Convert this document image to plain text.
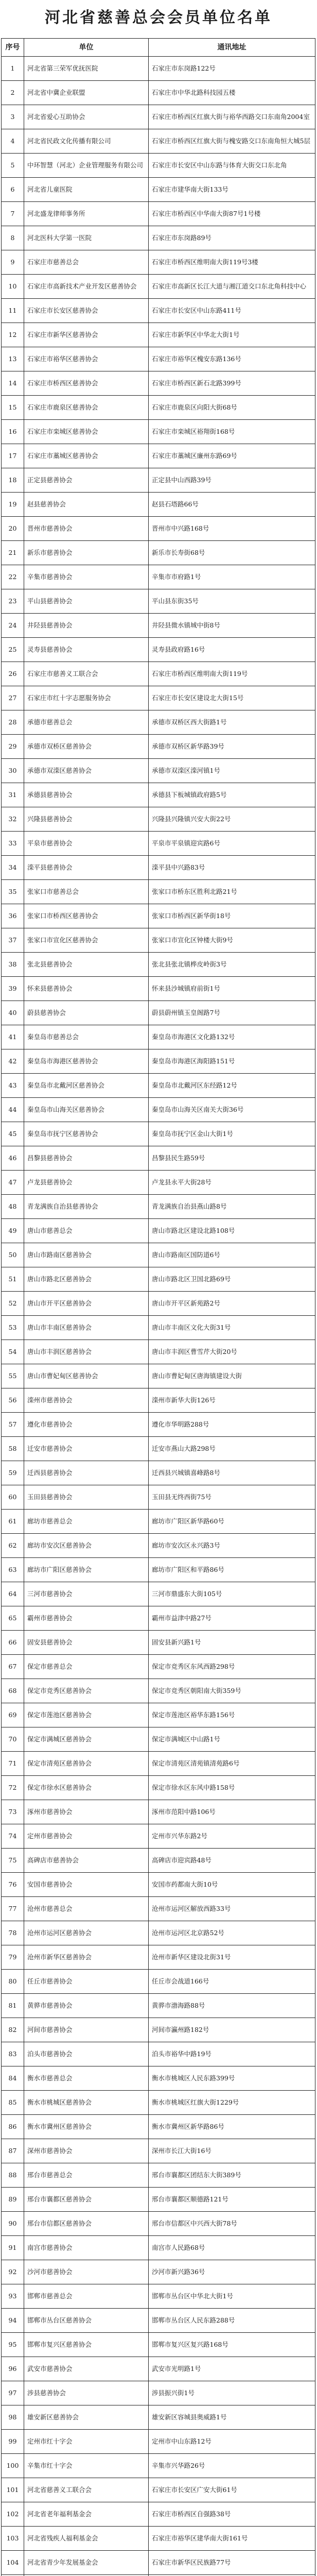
河北省慈善总会会员单位名单
序号	单位	通讯地址
1	河北省第三荣军优抚医院	石家庄市东岗路122号
2	河北省中冀企业联盟	石家庄市中华北路科技园五楼
3	河北省爱心互助协会	石家庄市桥西区红旗大街与裕华西路交口东南角2004室
4	河北省民政文化传播有限公司	石家庄市桥西区红旗大街与槐安路交口东南角恒大城5层
5	中环智慧（河北）企业管理服务有限公司	石家庄市长安区中山东路与体育大街交口东北角
6	河北省儿童医院	石家庄市建华南大街133号
7	河北盛龙律师事务所	石家庄市桥西区中华南大街87号1号楼
8	河北医科大学第一医院	石家庄市东岗路89号
9	石家庄市慈善总会	石家庄市桥西区维明南大街119号3楼
10	石家庄市高新技术产业开发区慈善协会	石家庄市高新区长江大道与湘江道交口东北角科技中心
11	石家庄市长安区慈善协会	石家庄市长安区中山东路411号
12	石家庄市新华区慈善协会	石家庄市新华区中华北大街1号
13	石家庄市裕华区慈善协会	石家庄市裕华区槐安东路136号
14	石家庄市桥西区慈善协会	石家庄市桥西区新石北路399号
15	石家庄市鹿泉区慈善协会	石家庄市鹿泉区向阳大街68号
16	石家庄市栾城区慈善协会	石家庄市栾城区裕翔街168号
17	石家庄市藁城区慈善协会	石家庄市藁城区廉州东路69号
18	正定县慈善协会	正定县中山西路39号
19	赵县慈善协会	赵县石塔路66号
20	晋州市慈善协会	晋州市中兴路168号
21	新乐市慈善协会	新乐市长寿街68号
22	辛集市慈善协会	辛集市市府路1号
23	平山县慈善协会	平山县东街35号
24	井陉县慈善协会	井陉县微水镇城中街8号
25	灵寿县慈善协会	灵寿县政府路16号
26	石家庄市慈善义工联合会	石家庄市桥西区维明南大街119号
27	石家庄市红十字志愿服务协会	石家庄市长安区建设北大街15号
28	承德市慈善总会	承德市双桥区西大街路1号
29	承德市双桥区慈善协会	承德市双桥区新华路39号
30	承德市双滦区慈善协会	承德市双滦区滦河镇1号
31	承德县慈善协会	承德县下板城镇政府路5号
32	兴隆县慈善协会	兴隆县兴隆镇兴安大街22号
33	平泉市慈善协会	平泉市平泉镇迎宾路6号
34	滦平县慈善协会	滦平县中兴路83号
35	张家口市慈善总会	张家口市桥东区胜利北路21号
36	张家口市桥西区慈善协会	张家口市桥西区新华街18号
37	张家口市宣化区慈善协会	张家口市宣化区钟楼大街9号
38	张北县慈善协会	张北县张北镇桦皮岭街3号
39	怀来县慈善协会	怀来县沙城镇府前街1号
40	蔚县慈善协会	蔚县蔚州镇玉皇阁路7号
41	秦皇岛市慈善总会	秦皇岛市海港区文化路132号
42	秦皇岛市海港区慈善协会	秦皇岛市海港区海阳路151号
43	秦皇岛市北戴河区慈善协会	秦皇岛市北戴河区东经路12号
44	秦皇岛市山海关区慈善协会	秦皇岛市山海关区南关大街36号
45	秦皇岛市抚宁区慈善协会	秦皇岛市抚宁区金山大街1号
46	昌黎县慈善协会	昌黎县民生路59号
47	卢龙县慈善协会	卢龙县永平大街28号
48	青龙满族自治县慈善协会	青龙满族自治县燕山路8号
49	唐山市慈善总会	唐山市路北区建设北路108号
50	唐山市路南区慈善协会	唐山市路南区国防道6号
51	唐山市路北区慈善协会	唐山市路北区卫国北路69号
52	唐山市开平区慈善协会	唐山市开平区新苑路2号
53	唐山市丰南区慈善协会	唐山市丰南区文化大街31号
54	唐山市丰润区慈善协会	唐山市丰润区曹雪芹大街20号
55	唐山市曹妃甸区慈善协会	唐山市曹妃甸区唐海镇建设大街
56	滦州市慈善协会	滦州市新华大街126号
57	遵化市慈善协会	遵化市华明路288号
58	迁安市慈善协会	迁安市燕山大路298号
59	迁西县慈善协会	迁西县兴城镇喜峰路8号
60	玉田县慈善协会	玉田县无终西街75号
61	廊坊市慈善总会	廊坊市广阳区新华路60号
62	廊坊市安次区慈善协会	廊坊市安次区永兴路3号
63	廊坊市广阳区慈善协会	廊坊市广阳区和平路86号
64	三河市慈善协会	三河市鼎盛东大街105号
65	霸州市慈善协会	霸州市益津中路27号
66	固安县慈善协会	固安县新兴路1号
67	保定市慈善总会	保定市竞秀区东风西路298号
68	保定市竞秀区慈善协会	保定市竞秀区朝阳南大街359号
69	保定市莲池区慈善协会	保定市莲池区裕华东路156号
70	保定市满城区慈善协会	保定市满城区中山路1号
71	保定市清苑区慈善协会	保定市清苑区清苑镇清苑路6号
72	保定市徐水区慈善协会	保定市徐水区东风中路158号
73	涿州市慈善协会	涿州市范阳中路106号
74	定州市慈善协会	定州市兴华东路2号
75	高碑店市慈善协会	高碑店市迎宾路48号
76	安国市慈善协会	安国市药都南大街10号
77	沧州市慈善总会	沧州市运河区解放西路33号
78	沧州市运河区慈善协会	沧州市运河区北京路52号
79	沧州市新华区慈善协会	沧州市新华区建设北街31号
80	任丘市慈善协会	任丘市会战道166号
81	黄骅市慈善协会	黄骅市渤海路88号
82	河间市慈善协会	河间市瀛州路182号
83	泊头市慈善协会	泊头市裕华中路19号
84	衡水市慈善总会	衡水市桃城区人民东路399号
85	衡水市桃城区慈善协会	衡水市桃城区红旗大街1229号
86	衡水市冀州区慈善协会	衡水市冀州区新华路86号
87	深州市慈善协会	深州市长江大街16号
88	邢台市慈善总会	邢台市襄都区团结东大街389号
89	邢台市襄都区慈善协会	邢台市襄都区顺德路121号
90	邢台市信都区慈善协会	邢台市信都区中兴西大街78号
91	南宫市慈善协会	南宫市人民路68号
92	沙河市慈善协会	沙河市新兴路36号
93	邯郸市慈善总会	邯郸市丛台区中华北大街1号
94	邯郸市丛台区慈善协会	邯郸市丛台区人民东路288号
95	邯郸市复兴区慈善协会	邯郸市复兴区复兴路168号
96	武安市慈善协会	武安市光明路1号
97	涉县慈善协会	涉县振兴街1号
98	雄安新区慈善协会	雄安新区容城县奥威路1号
99	定州市红十字会	定州市中山东路12号
100	辛集市红十字会	辛集市兴华路26号
101	河北省慈善义工联合会	石家庄市长安区广安大街61号
102	河北省老年福利基金会	石家庄市桥西区自强路38号
103	河北省残疾人福利基金会	石家庄市裕华区建华南大街161号
104	河北省青少年发展基金会	石家庄市新华区民族路77号
